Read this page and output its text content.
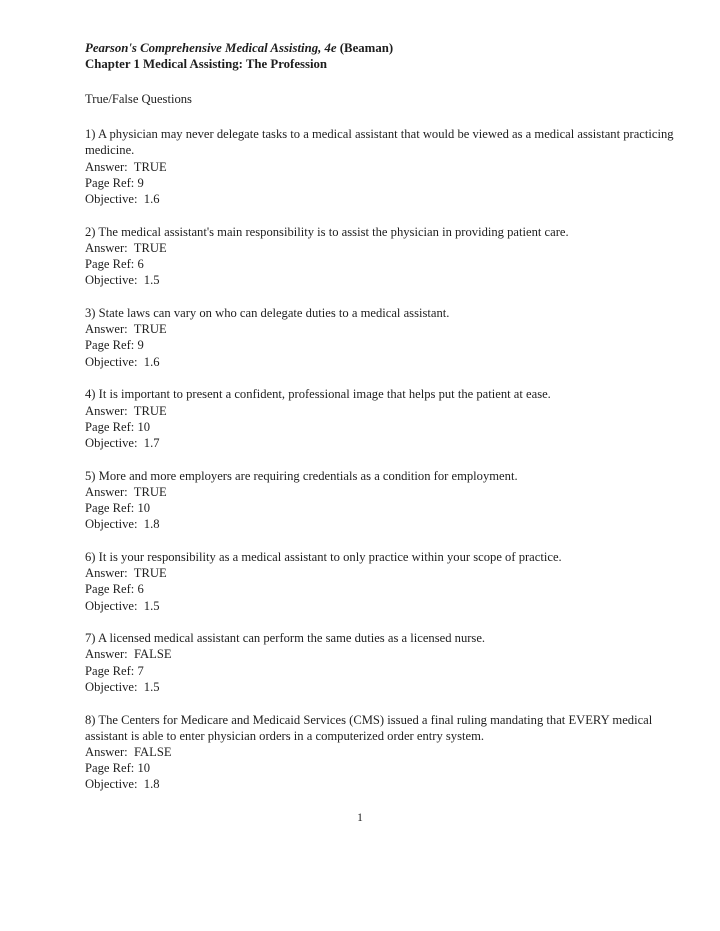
Pearson's Comprehensive Medical Assisting, 4e (Beaman)
Chapter 1 Medical Assisting: The Profession
True/False Questions

1) A physician may never delegate tasks to a medical assistant that would be viewed as a medical assistant practicing medicine.

Answer: TRUE

Page Ref: 9

Objective: 1.6

2) The medical assistant's main responsibility is to assist the physician in providing patient care.

Answer: TRUE

Page Ref: 6

Objective: 1.5

3) State laws can vary on who can delegate duties to a medical assistant.

Answer: TRUE

Page Ref: 9

Objective: 1.6

4) It is important to present a confident, professional image that helps put the patient at ease.

Answer: TRUE

Page Ref: 10

Objective: 1.7

5) More and more employers are requiring credentials as a condition for employment.

Answer: TRUE

Page Ref: 10

Objective: 1.8

6) It is your responsibility as a medical assistant to only practice within your scope of practice.

Answer: TRUE

Page Ref: 6

Objective: 1.5

7) A licensed medical assistant can perform the same duties as a licensed nurse.

Answer: FALSE

Page Ref: 7

Objective: 1.5

8) The Centers for Medicare and Medicaid Services (CMS) issued a final ruling mandating that EVERY medical assistant is able to enter physician orders in a computerized order entry system.

Answer: FALSE

Page Ref: 10

Objective: 1.8

1
